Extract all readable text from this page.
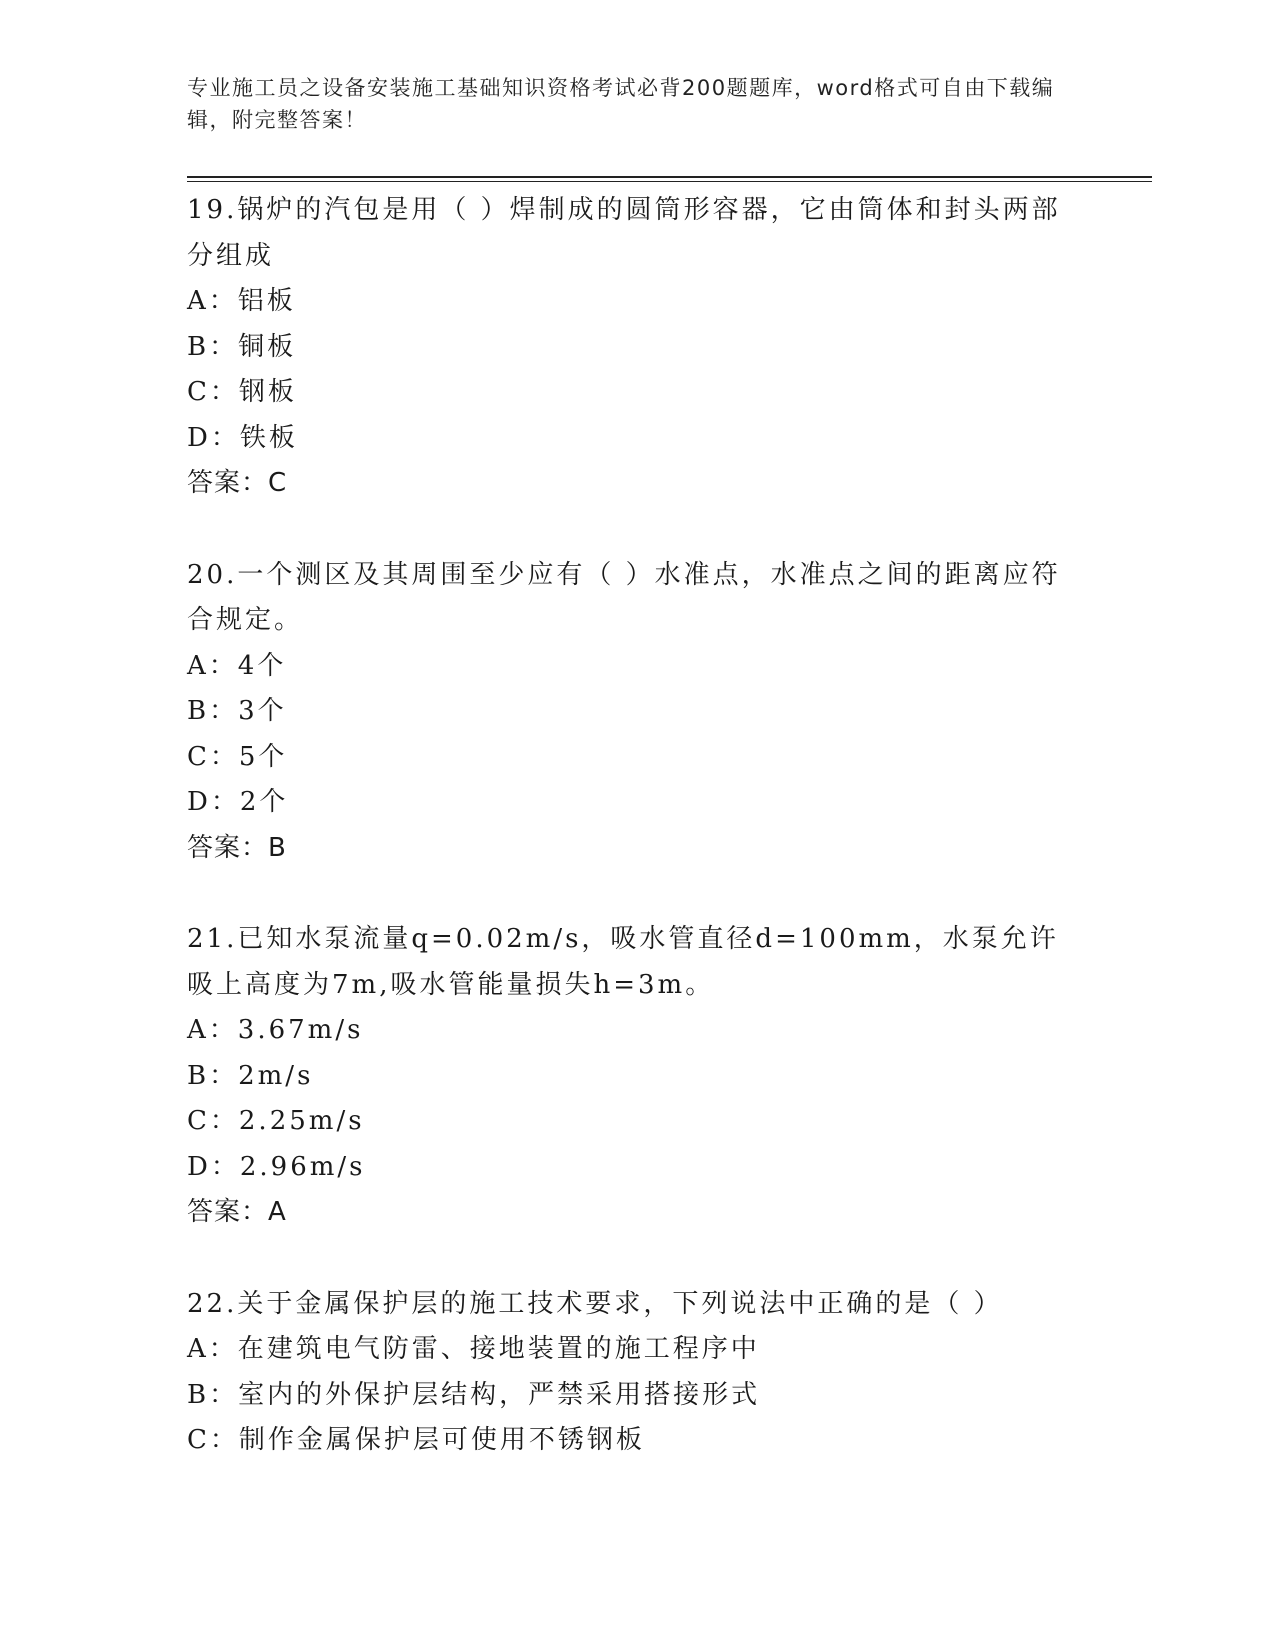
专业施工员之设备安装施工基础知识资格考试必背200题题库，word格式可自由下载编辑，附完整答案！

19.锅炉的汽包是用（ ）焊制成的圆筒形容器，它由筒体和封头两部分组成

A：铝板

B：铜板

C：钢板

D：铁板

答案：C

20.一个测区及其周围至少应有（ ）水准点，水准点之间的距离应符合规定。

A：4个

B：3个

C：5个

D：2个

答案：B

21.已知水泵流量q=0.02m/s，吸水管直径d=100mm，水泵允许吸上高度为7m,吸水管能量损失h=3m。

A：3.67m/s

B：2m/s

C：2.25m/s

D：2.96m/s

答案：A

22.关于金属保护层的施工技术要求，下列说法中正确的是（ ）

A：在建筑电气防雷、接地装置的施工程序中

B：室内的外保护层结构，严禁采用搭接形式

C：制作金属保护层可使用不锈钢板
